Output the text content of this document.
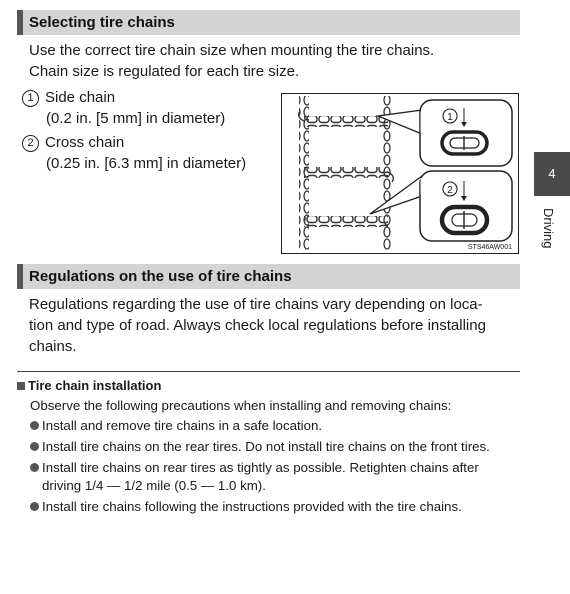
Selecting tire chains
Use the correct tire chain size when mounting the tire chains.
Chain size is regulated for each tire size.
1 Side chain
(0.2 in. [5 mm] in diameter)
2 Cross chain
(0.25 in. [6.3 mm] in diameter)
1
2
STS46AW001
4
Driving
Regulations on the use of tire chains
Regulations regarding the use of tire chains vary depending on loca-
tion and type of road. Always check local regulations before installing
chains.
Tire chain installation
Observe the following precautions when installing and removing chains:
Install and remove tire chains in a safe location.
Install tire chains on the rear tires. Do not install tire chains on the front tires.
Install tire chains on rear tires as tightly as possible. Retighten chains after
driving 1/4 — 1/2 mile (0.5 — 1.0 km).
Install tire chains following the instructions provided with the tire chains.
